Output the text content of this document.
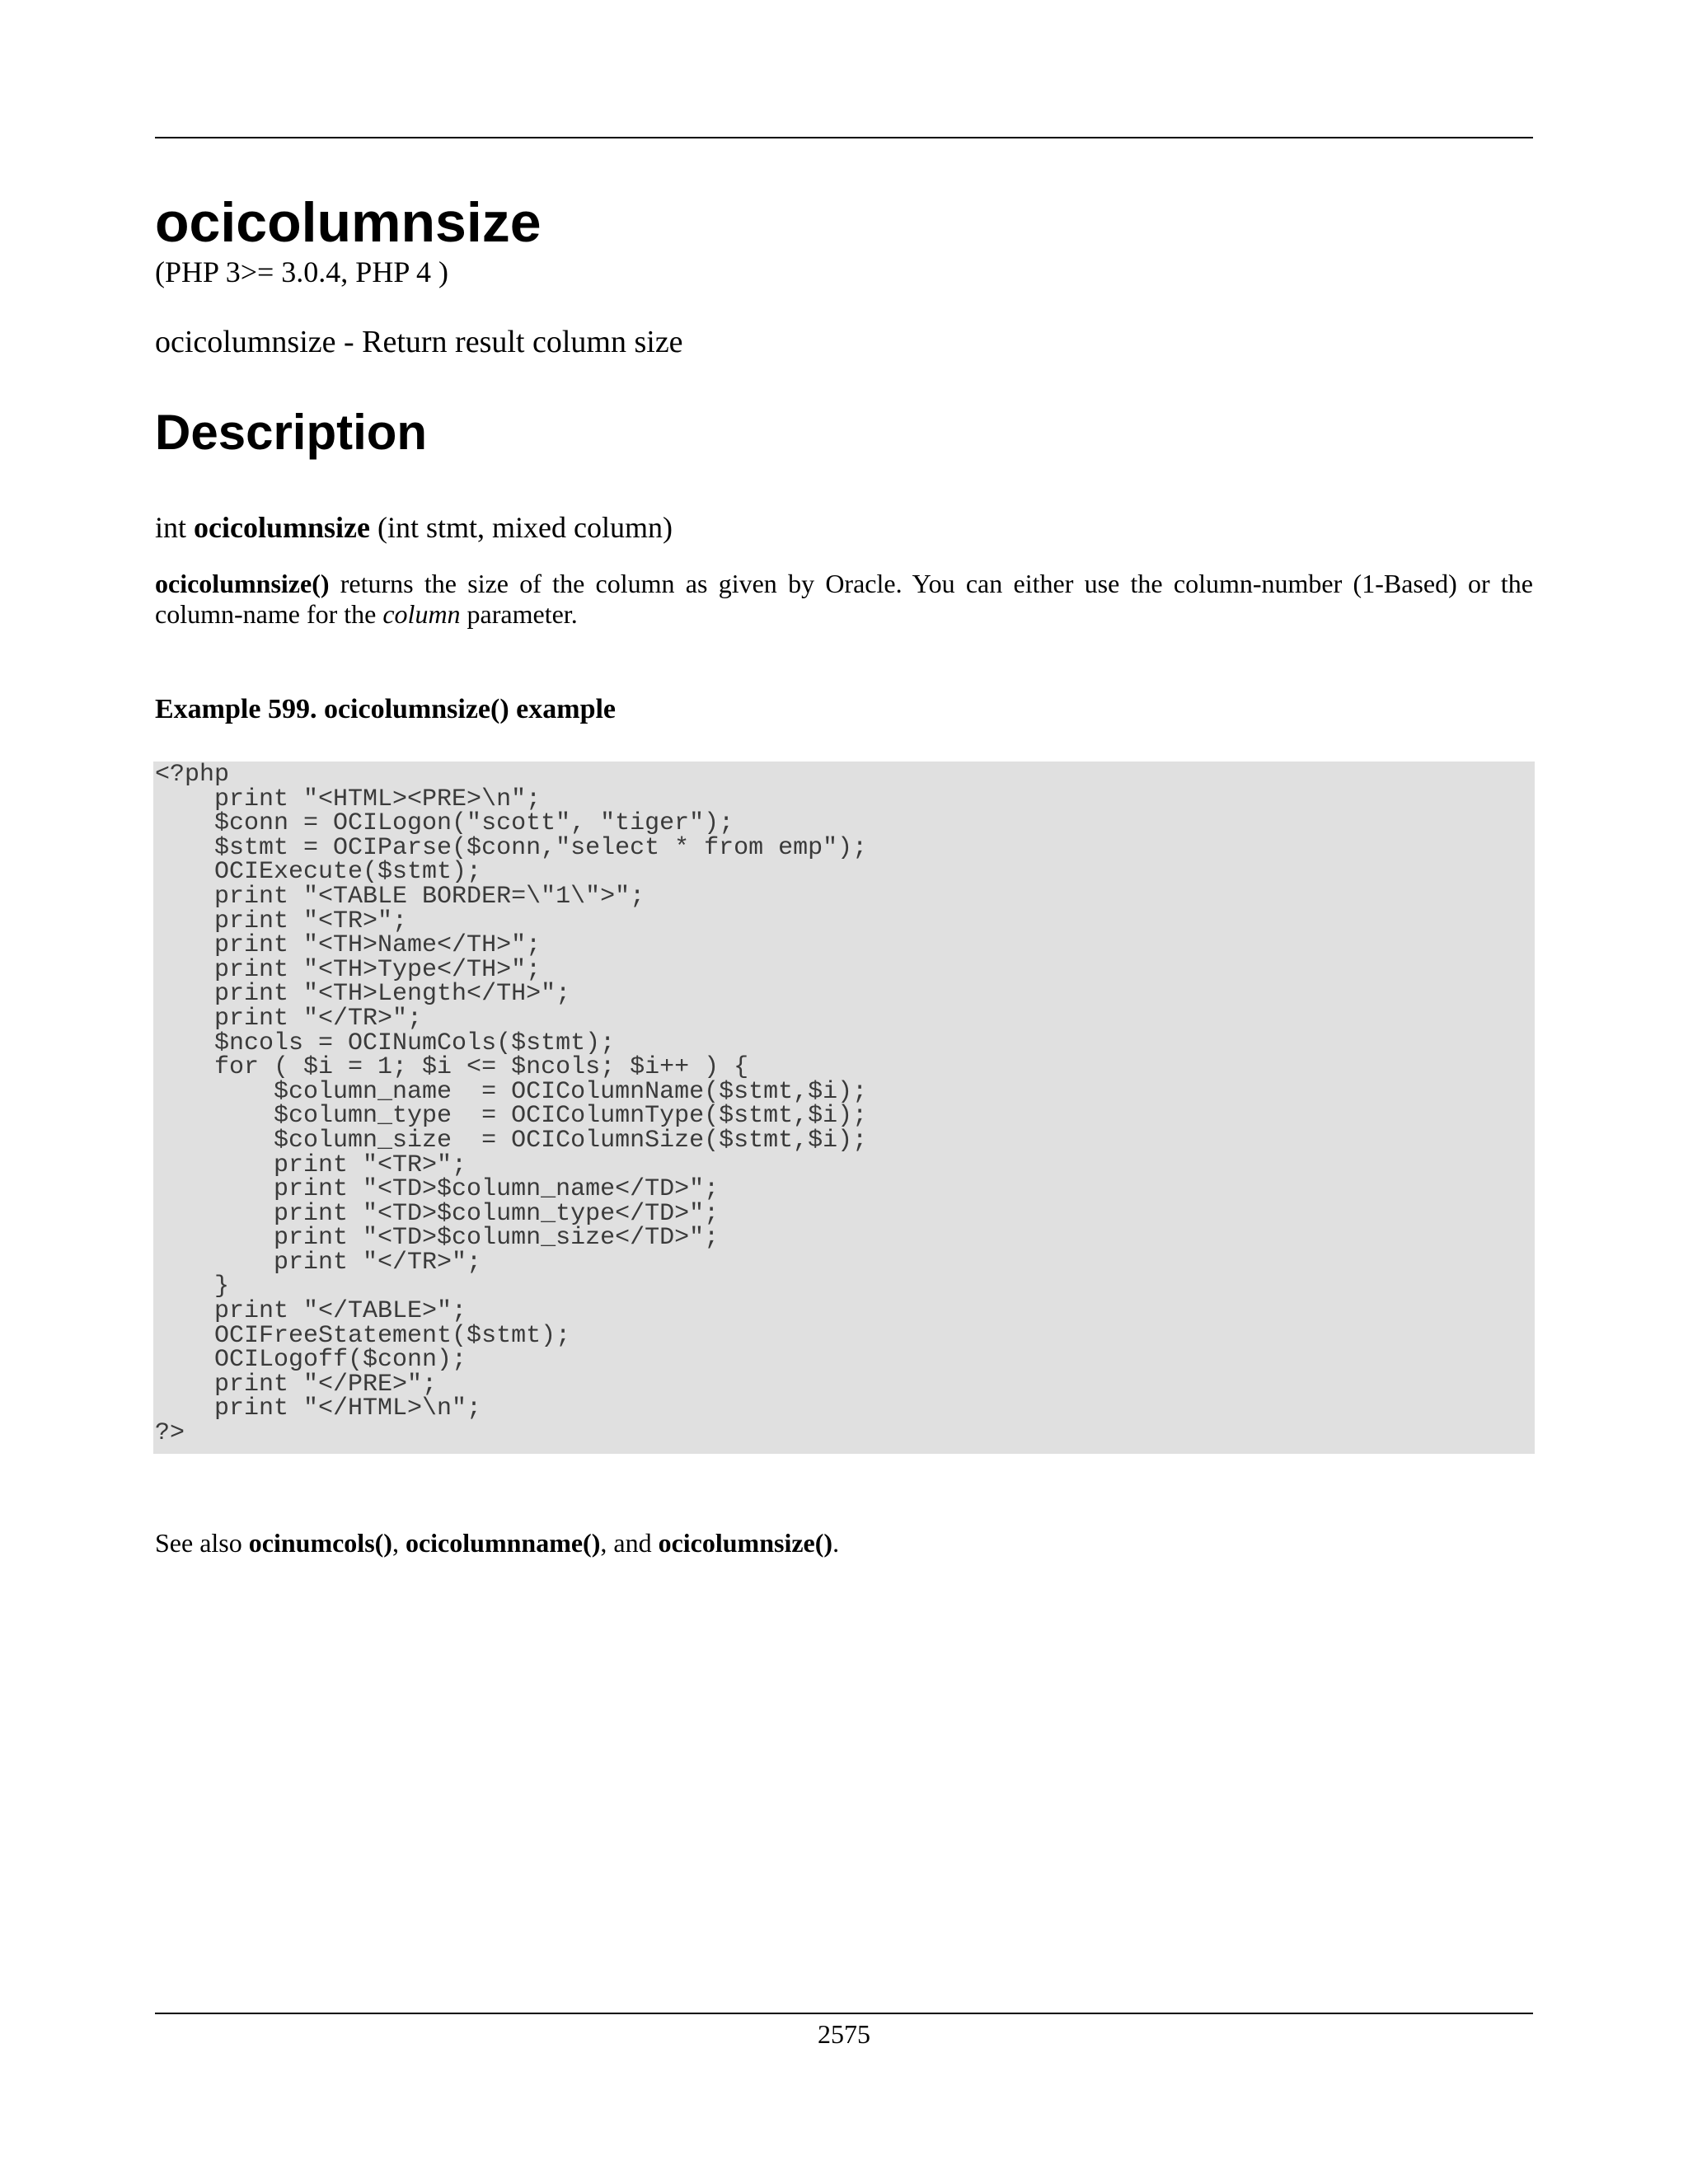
ocicolumnsize
(PHP 3>= 3.0.4, PHP 4 )
ocicolumnsize - Return result column size
Description
int ocicolumnsize (int stmt, mixed column)

ocicolumnsize() returns the size of the column as given by Oracle. You can either use the column-number (1-Based) or the column-name for the column parameter.

Example 599. ocicolumnsize() example

<?php
print "<HTML><PRE>\n";
$conn = OCILogon("scott", "tiger");
$stmt = OCIParse($conn,"select * from emp");
OCIExecute($stmt);
print "<TABLE BORDER=\"1\">";
print "<TR>";
print "<TH>Name</TH>";
print "<TH>Type</TH>";
print "<TH>Length</TH>";
print "</TR>";
$ncols = OCINumCols($stmt);
for ( $i = 1; $i <= $ncols; $i++ ) {
$column_name  = OCIColumnName($stmt,$i);
$column_type  = OCIColumnType($stmt,$i);
$column_size  = OCIColumnSize($stmt,$i);
print "<TR>";
print "<TD>$column_name</TD>";
print "<TD>$column_type</TD>";
print "<TD>$column_size</TD>";
print "</TR>";
}
print "</TABLE>";
OCIFreeStatement($stmt);
OCILogoff($conn);
print "</PRE>";
print "</HTML>\n";
?>
See also ocinumcols(), ocicolumnname(), and ocicolumnsize().
2575
